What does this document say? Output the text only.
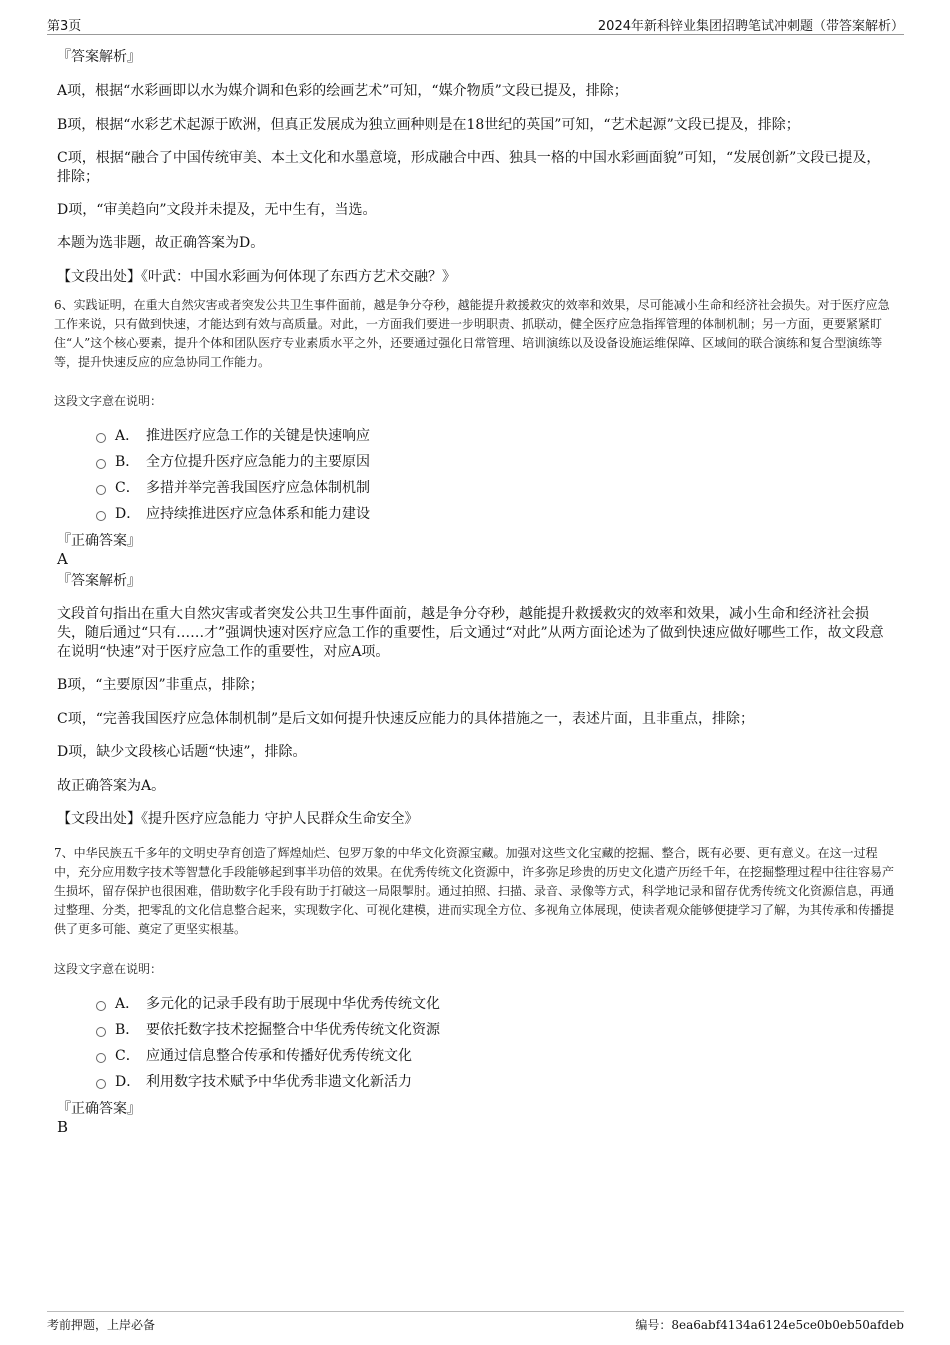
第3页	2024年新科锌业集团招聘笔试冲刺题（带答案解析）
『答案解析』
A项，根据“水彩画即以水为媒介调和色彩的绘画艺术”可知，“媒介物质”文段已提及，排除；
B项，根据“水彩艺术起源于欧洲，但真正发展成为独立画种则是在18世纪的英国”可知，“艺术起源”文段已提及，排除；
C项，根据“融合了中国传统审美、本土文化和水墨意境，形成融合中西、独具一格的中国水彩画面貌”可知，“发展创新”文段已提及，排除；
D项，“审美趋向”文段并未提及，无中生有，当选。
本题为选非题，故正确答案为D。
【文段出处】《叶武：中国水彩画为何体现了东西方艺术交融？》
6、实践证明，在重大自然灾害或者突发公共卫生事件面前，越是争分夺秒，越能提升救援救灾的效率和效果，尽可能减小生命和经济社会损失。对于医疗应急工作来说，只有做到快速，才能达到有效与高质量。对此，一方面我们要进一步明职责、抓联动，健全医疗应急指挥管理的体制机制；另一方面，更要紧紧盯住“人”这个核心要素，提升个体和团队医疗专业素质水平之外，还要通过强化日常管理、培训演练以及设备设施运维保障、区域间的联合演练和复合型演练等等，提升快速反应的应急协同工作能力。
这段文字意在说明：
A． 推进医疗应急工作的关键是快速响应
B． 全方位提升医疗应急能力的主要原因
C． 多措并举完善我国医疗应急体制机制
D． 应持续推进医疗应急体系和能力建设
『正确答案』
A
『答案解析』
文段首句指出在重大自然灾害或者突发公共卫生事件面前，越是争分夺秒，越能提升救援救灾的效率和效果，减小生命和经济社会损失，随后通过“只有……才”强调快速对医疗应急工作的重要性，后文通过“对此”从两方面论述为了做到快速应做好哪些工作，故文段意在说明“快速”对于医疗应急工作的重要性，对应A项。
B项，“主要原因”非重点，排除；
C项，“完善我国医疗应急体制机制”是后文如何提升快速反应能力的具体措施之一，表述片面，且非重点，排除；
D项，缺少文段核心话题“快速”，排除。
故正确答案为A。
【文段出处】《提升医疗应急能力 守护人民群众生命安全》
7、中华民族五千多年的文明史孕育创造了辉煌灿烂、包罗万象的中华文化资源宝藏。加强对这些文化宝藏的挖掘、整合，既有必要、更有意义。在这一过程中，充分应用数字技术等智慧化手段能够起到事半功倍的效果。在优秀传统文化资源中，许多弥足珍贵的历史文化遗产历经千年，在挖掘整理过程中往往容易产生损坏，留存保护也很困难，借助数字化手段有助于打破这一局限掣肘。通过拍照、扫描、录音、录像等方式，科学地记录和留存优秀传统文化资源信息，再通过整理、分类，把零乱的文化信息整合起来，实现数字化、可视化建模，进而实现全方位、多视角立体展现，使读者观众能够便捷学习了解，为其传承和传播提供了更多可能、奠定了更坚实根基。
这段文字意在说明：
A． 多元化的记录手段有助于展现中华优秀传统文化
B． 要依托数字技术挖掘整合中华优秀传统文化资源
C． 应通过信息整合传承和传播好优秀传统文化
D． 利用数字技术赋予中华优秀非遗文化新活力
『正确答案』
B
考前押题，上岸必备	编号：8ea6abf4134a6124e5ce0b0eb50afdeb
